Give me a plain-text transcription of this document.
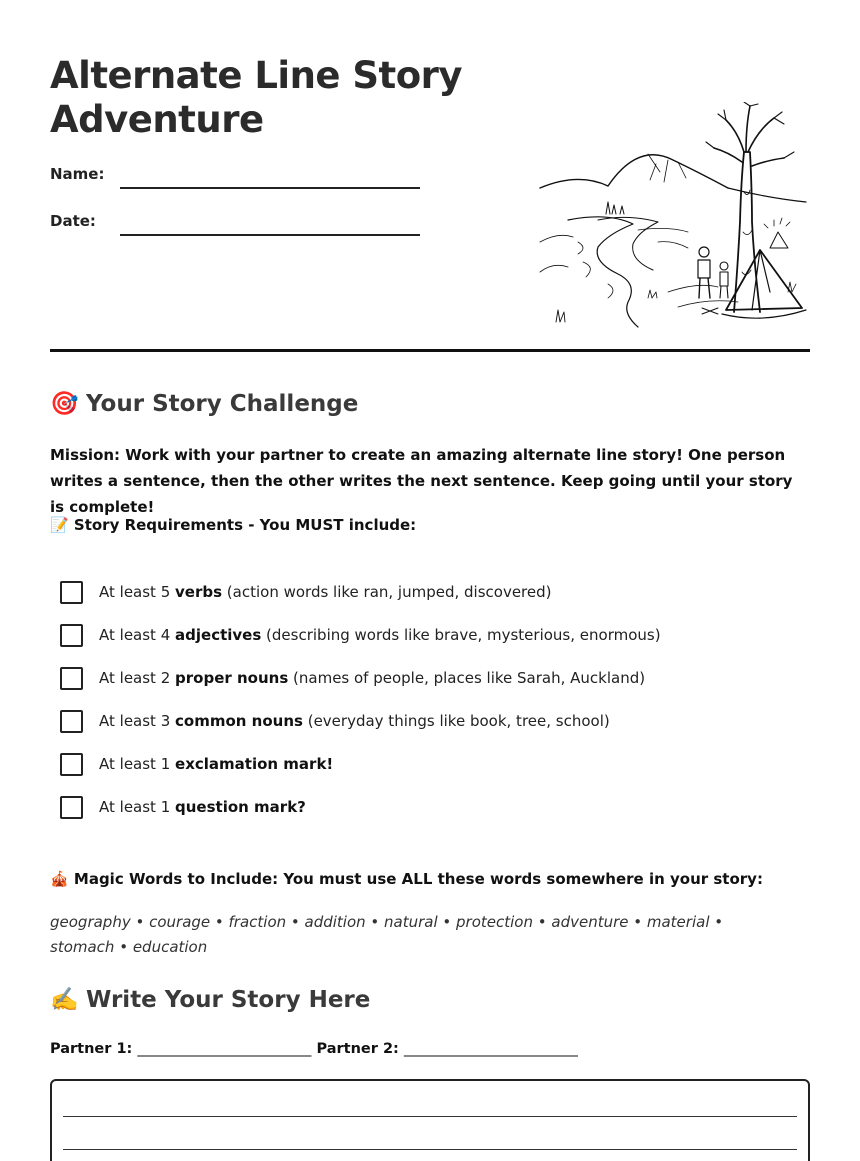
Alternate Line Story Adventure
Name:
Date:
🎯 Your Story Challenge
Mission: Work with your partner to create an amazing alternate line story! One person writes a sentence, then the other writes the next sentence. Keep going until your story is complete!
📝 Story Requirements - You MUST include:
At least 5 verbs (action words like ran, jumped, discovered)
At least 4 adjectives (describing words like brave, mysterious, enormous)
At least 2 proper nouns (names of people, places like Sarah, Auckland)
At least 3 common nouns (everyday things like book, tree, school)
At least 1 exclamation mark!
At least 1 question mark?
🎪 Magic Words to Include: You must use ALL these words somewhere in your story:
geography • courage • fraction • addition • natural • protection • adventure • material • stomach • education
✍️ Write Your Story Here
Partner 1: ________________________ Partner 2: ________________________
